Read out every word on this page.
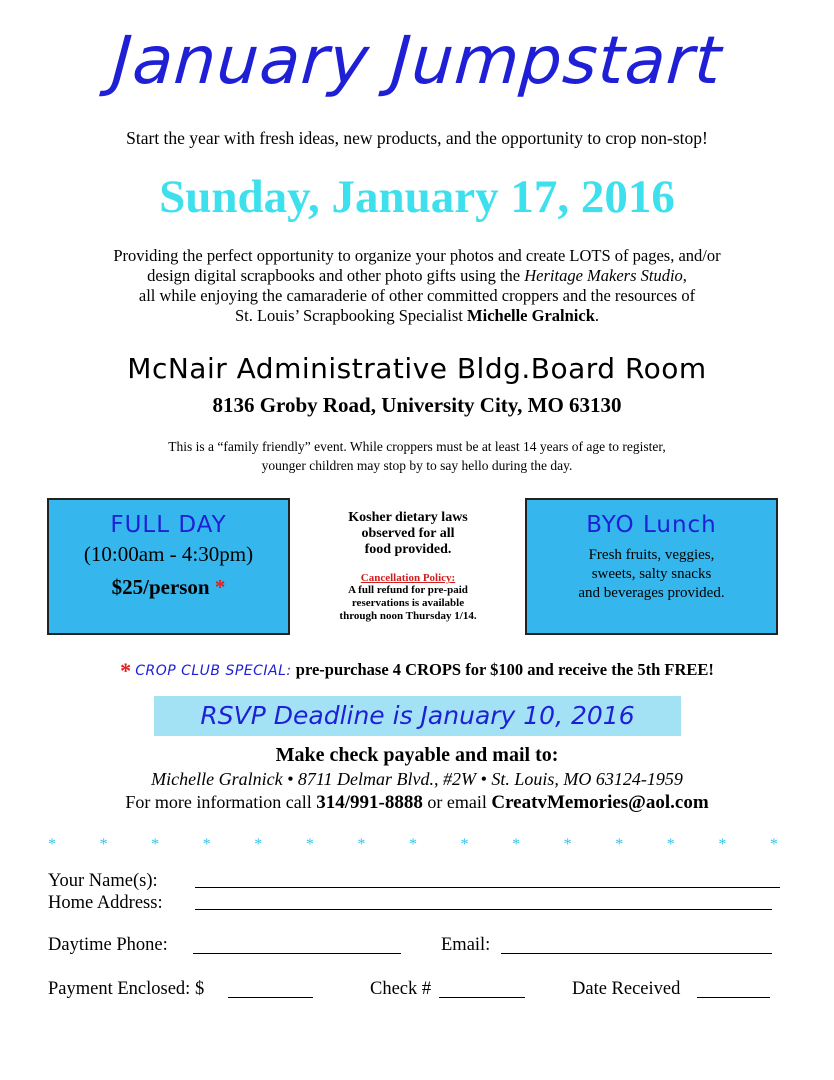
January Jumpstart
Start the year with fresh ideas, new products, and the opportunity to crop non-stop!
Sunday, January 17, 2016
Providing the perfect opportunity to organize your photos and create LOTS of pages, and/or
design digital scrapbooks and other photo gifts using the Heritage Makers Studio,
all while enjoying the camaraderie of other committed croppers and the resources of
St. Louis’ Scrapbooking Specialist Michelle Gralnick.
McNair Administrative Bldg.Board Room
8136 Groby Road, University City, MO 63130
This is a “family friendly” event. While croppers must be at least 14 years of age to register,
younger children may stop by to say hello during the day.
FULL DAY
(10:00am - 4:30pm)
$25/person *
Kosher dietary laws
observed for all
food provided.
Cancellation Policy:
A full refund for pre-paid
reservations is available
through noon Thursday 1/14.
BYO Lunch
Fresh fruits, veggies,
sweets, salty snacks
and beverages provided.
* CROP CLUB SPECIAL: pre-purchase 4 CROPS for $100 and receive the 5th FREE!
RSVP Deadline is January 10, 2016
Make check payable and mail to:
Michelle Gralnick • 8711 Delmar Blvd., #2W • St. Louis, MO 63124-1959
For more information call 314/991-8888 or email CreatvMemories@aol.com
*	*	*	*	*	*	*	*	*	*	*	*	*	*	*
Your Name(s):
Home Address:
Daytime Phone:	Email:
Payment Enclosed: $	Check #	Date Received
